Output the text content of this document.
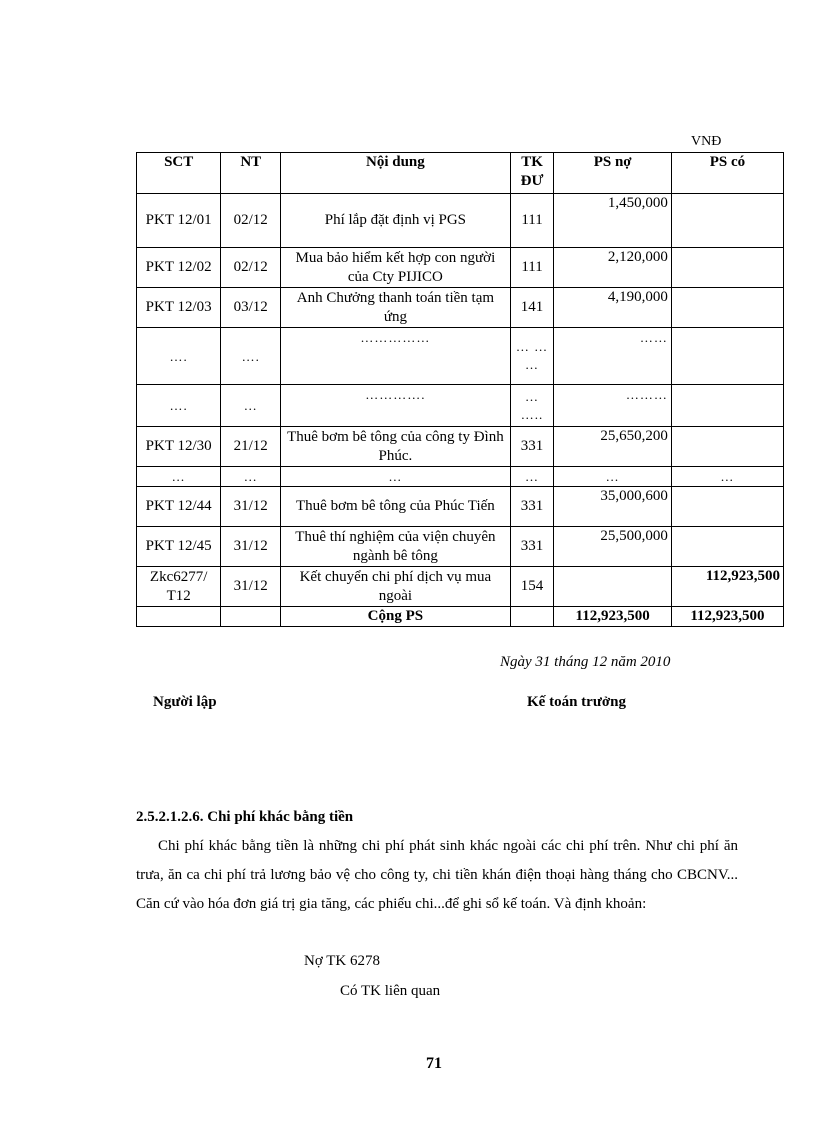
VNĐ
SCT	NT	Nội dung	TK ĐƯ	PS nợ	PS có
PKT 12/01	02/12	Phí lắp đặt định vị PGS	111	1,450,000	
PKT 12/02	02/12	Mua bảo hiểm kết hợp con người của Cty PIJICO	111	2,120,000	
PKT 12/03	03/12	Anh Chưởng thanh toán tiền tạm ứng	141	4,190,000	
….	….	……………	… … …	……	
….	…	………….	… …..	………	
PKT 12/30	21/12	Thuê bơm bê tông của công ty Đình Phúc.	331	25,650,200	
…	…	…	…	…	…
PKT 12/44	31/12	Thuê bơm bê tông của Phúc Tiến	331	35,000,600	
PKT 12/45	31/12	Thuê thí nghiệm của viện chuyên ngành bê tông	331	25,500,000	
Zkc6277/ T12	31/12	Kết chuyển chi phí dịch vụ mua ngoài	154		112,923,500
		Cộng PS		112,923,500	112,923,500
Ngày 31 tháng 12 năm 2010
Người lập	Kế toán trưởng
2.5.2.1.2.6. Chi phí khác bằng tiền
Chi phí khác bằng tiền là những chi phí phát sinh khác ngoài các chi phí trên. Như chi phí ăn trưa, ăn ca chi phí trả lương bảo vệ cho công ty, chi tiền khán điện thoại hàng tháng cho CBCNV... Căn cứ vào hóa đơn giá trị gia tăng, các phiếu chi...để ghi sổ kế toán. Và định khoản:
Nợ TK 6278
Có TK liên quan
71
